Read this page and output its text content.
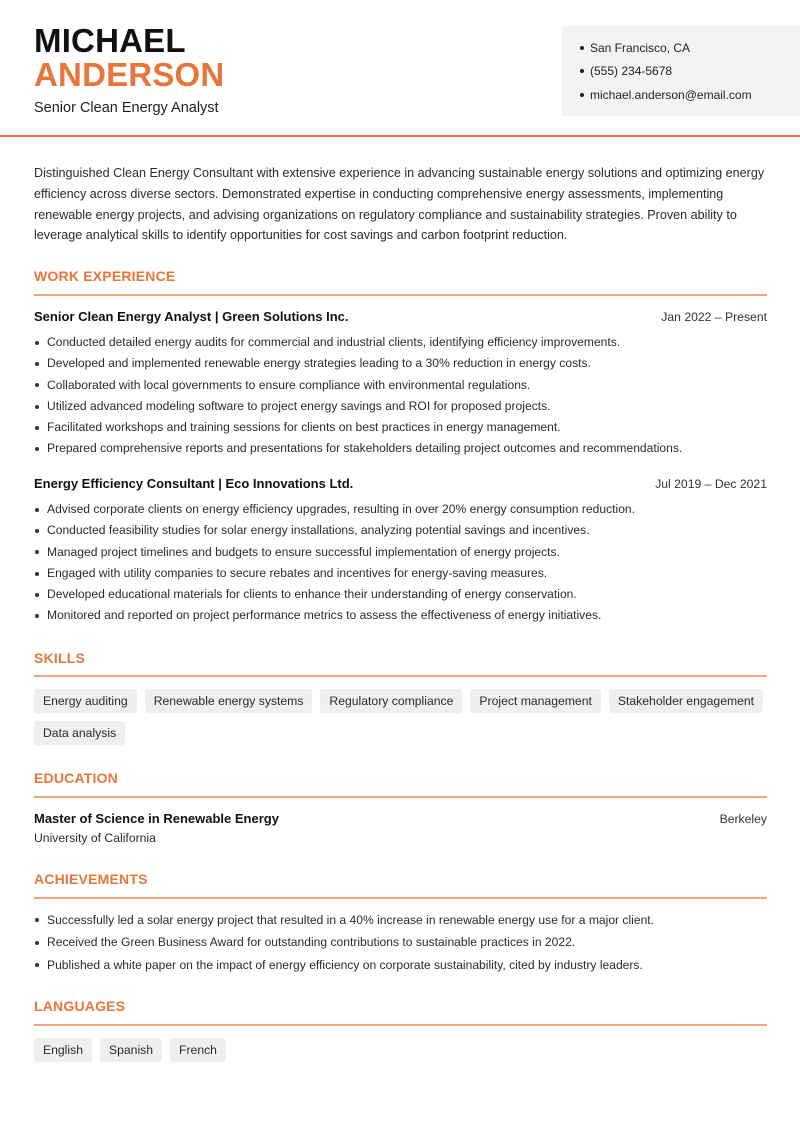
MICHAEL
ANDERSON
Senior Clean Energy Analyst
San Francisco, CA
(555) 234-5678
michael.anderson@email.com

Distinguished Clean Energy Consultant with extensive experience in advancing sustainable energy solutions and optimizing energy efficiency across diverse sectors. Demonstrated expertise in conducting comprehensive energy assessments, implementing renewable energy projects, and advising organizations on regulatory compliance and sustainability strategies. Proven ability to leverage analytical skills to identify opportunities for cost savings and carbon footprint reduction.

WORK EXPERIENCE
Senior Clean Energy Analyst | Green Solutions Inc.	Jan 2022 – Present
Conducted detailed energy audits for commercial and industrial clients, identifying efficiency improvements.
Developed and implemented renewable energy strategies leading to a 30% reduction in energy costs.
Collaborated with local governments to ensure compliance with environmental regulations.
Utilized advanced modeling software to project energy savings and ROI for proposed projects.
Facilitated workshops and training sessions for clients on best practices in energy management.
Prepared comprehensive reports and presentations for stakeholders detailing project outcomes and recommendations.
Energy Efficiency Consultant | Eco Innovations Ltd.	Jul 2019 – Dec 2021
Advised corporate clients on energy efficiency upgrades, resulting in over 20% energy consumption reduction.
Conducted feasibility studies for solar energy installations, analyzing potential savings and incentives.
Managed project timelines and budgets to ensure successful implementation of energy projects.
Engaged with utility companies to secure rebates and incentives for energy-saving measures.
Developed educational materials for clients to enhance their understanding of energy conservation.
Monitored and reported on project performance metrics to assess the effectiveness of energy initiatives.
SKILLS
Energy auditing	Renewable energy systems	Regulatory compliance	Project management	Stakeholder engagement
Data analysis
EDUCATION
Master of Science in Renewable Energy	Berkeley
University of California
ACHIEVEMENTS
Successfully led a solar energy project that resulted in a 40% increase in renewable energy use for a major client.
Received the Green Business Award for outstanding contributions to sustainable practices in 2022.
Published a white paper on the impact of energy efficiency on corporate sustainability, cited by industry leaders.
LANGUAGES
English	Spanish	French
